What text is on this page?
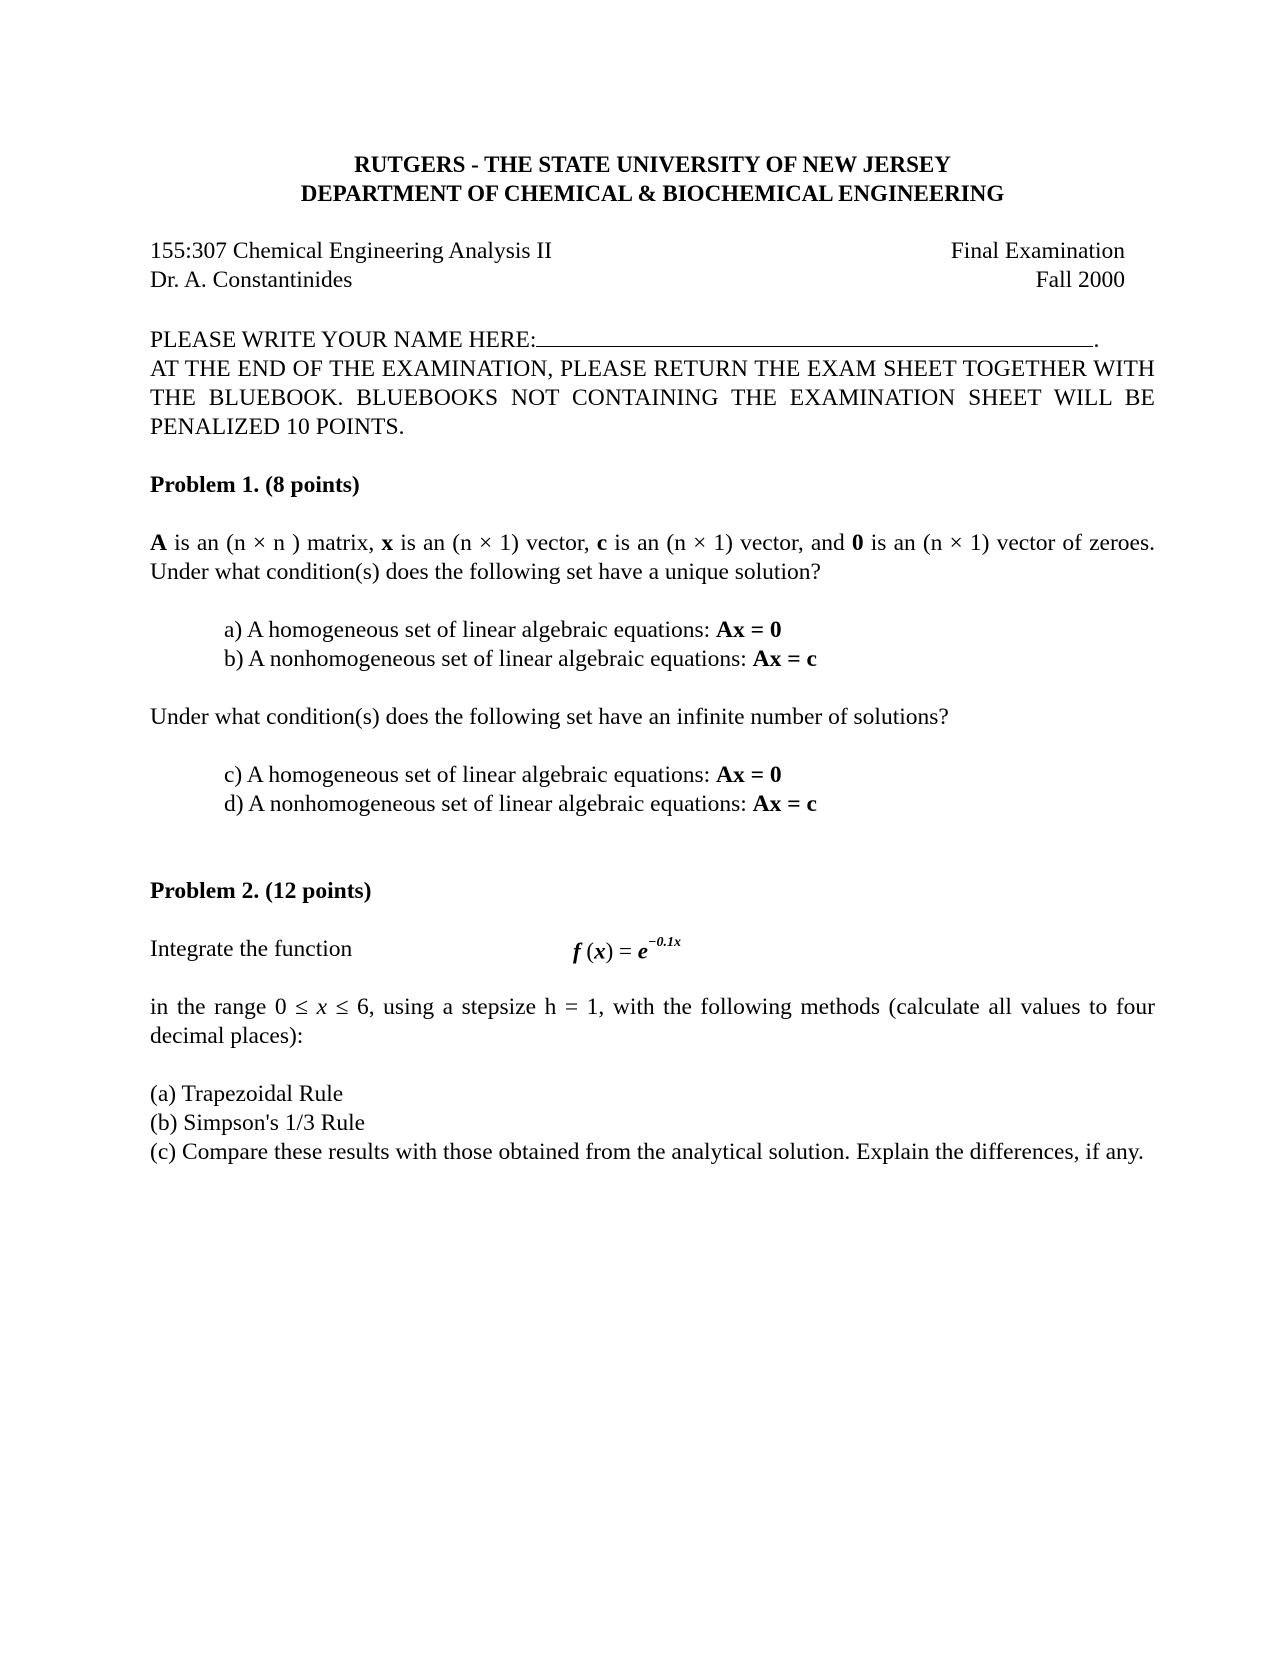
RUTGERS - THE STATE UNIVERSITY OF NEW JERSEY
DEPARTMENT OF CHEMICAL & BIOCHEMICAL ENGINEERING
155:307 Chemical Engineering Analysis II
Dr. A. Constantinides
Final Examination
Fall 2000
PLEASE WRITE YOUR NAME HERE:	.
AT THE END OF THE EXAMINATION, PLEASE RETURN THE EXAM SHEET TOGETHER WITH THE BLUEBOOK. BLUEBOOKS NOT CONTAINING THE EXAMINATION SHEET WILL BE PENALIZED 10 POINTS.
Problem 1. (8 points)
A is an (n × n ) matrix, x is an (n × 1) vector, c is an (n × 1) vector, and 0 is an (n × 1) vector of zeroes. Under what condition(s) does the following set have a unique solution?
a) A homogeneous set of linear algebraic equations: Ax = 0
b) A nonhomogeneous set of linear algebraic equations: Ax = c
Under what condition(s) does the following set have an infinite number of solutions?
c) A homogeneous set of linear algebraic equations: Ax = 0
d) A nonhomogeneous set of linear algebraic equations: Ax = c
Problem 2. (12 points)
Integrate the function	f $(x) = e^{-0.1x}$
in the range 0 ≤ x ≤ 6, using a stepsize h = 1, with the following methods (calculate all values to four decimal places):
(a) Trapezoidal Rule
(b) Simpson's 1/3 Rule
(c) Compare these results with those obtained from the analytical solution. Explain the differences, if any.
